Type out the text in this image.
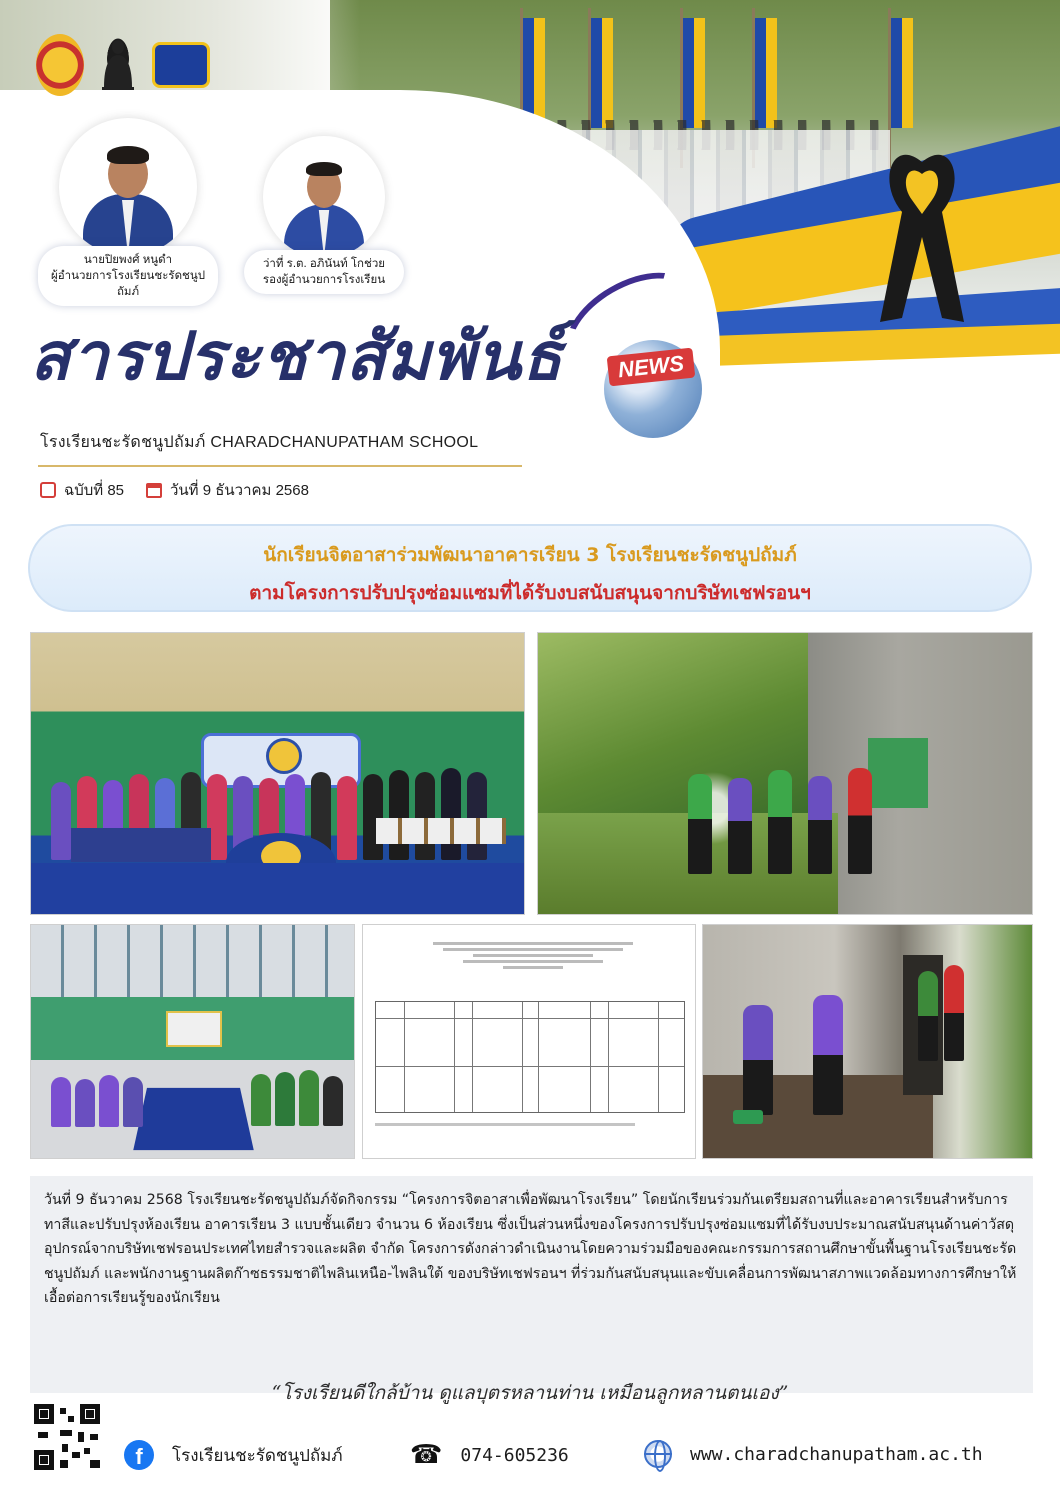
นายปิยพงศ์ หนูดำ
ผู้อำนวยการโรงเรียนชะรัดชนูปถัมภ์
ว่าที่ ร.ต. อภินันท์ โกช่วย
รองผู้อำนวยการโรงเรียน
สารประชาสัมพันธ์	NEWS
โรงเรียนชะรัดชนูปถัมภ์ CHARADCHANUPATHAM SCHOOL
ฉบับที่ 85	วันที่ 9 ธันวาคม 2568
นักเรียนจิตอาสาร่วมพัฒนาอาคารเรียน 3 โรงเรียนชะรัดชนูปถัมภ์
ตามโครงการปรับปรุงซ่อมแซมที่ได้รับงบสนับสนุนจากบริษัทเชฟรอนฯ
วันที่ 9 ธันวาคม 2568 โรงเรียนชะรัดชนูปถัมภ์จัดกิจกรรม “โครงการจิตอาสาเพื่อพัฒนาโรงเรียน” โดยนักเรียนร่วมกันเตรียมสถานที่และอาคารเรียนสำหรับการทาสีและปรับปรุงห้องเรียน อาคารเรียน 3 แบบชั้นเดียว จำนวน 6 ห้องเรียน ซึ่งเป็นส่วนหนึ่งของโครงการปรับปรุงซ่อมแซมที่ได้รับงบประมาณสนับสนุนด้านค่าวัสดุอุปกรณ์จากบริษัทเชฟรอนประเทศไทยสำรวจและผลิต จำกัด โครงการดังกล่าวดำเนินงานโดยความร่วมมือของคณะกรรมการสถานศึกษาขั้นพื้นฐานโรงเรียนชะรัดชนูปถัมภ์ และพนักงานฐานผลิตก๊าซธรรมชาติไพลินเหนือ-ไพลินใต้ ของบริษัทเชฟรอนฯ ที่ร่วมกันสนับสนุนและขับเคลื่อนการพัฒนาสภาพแวดล้อมทางการศึกษาให้เอื้อต่อการเรียนรู้ของนักเรียน
“โรงเรียนดีใกล้บ้าน ดูแลบุตรหลานท่าน เหมือนลูกหลานตนเอง”
f	โรงเรียนชะรัดชนูปถัมภ์	☎ 074-605236	www.charadchanupatham.ac.th
